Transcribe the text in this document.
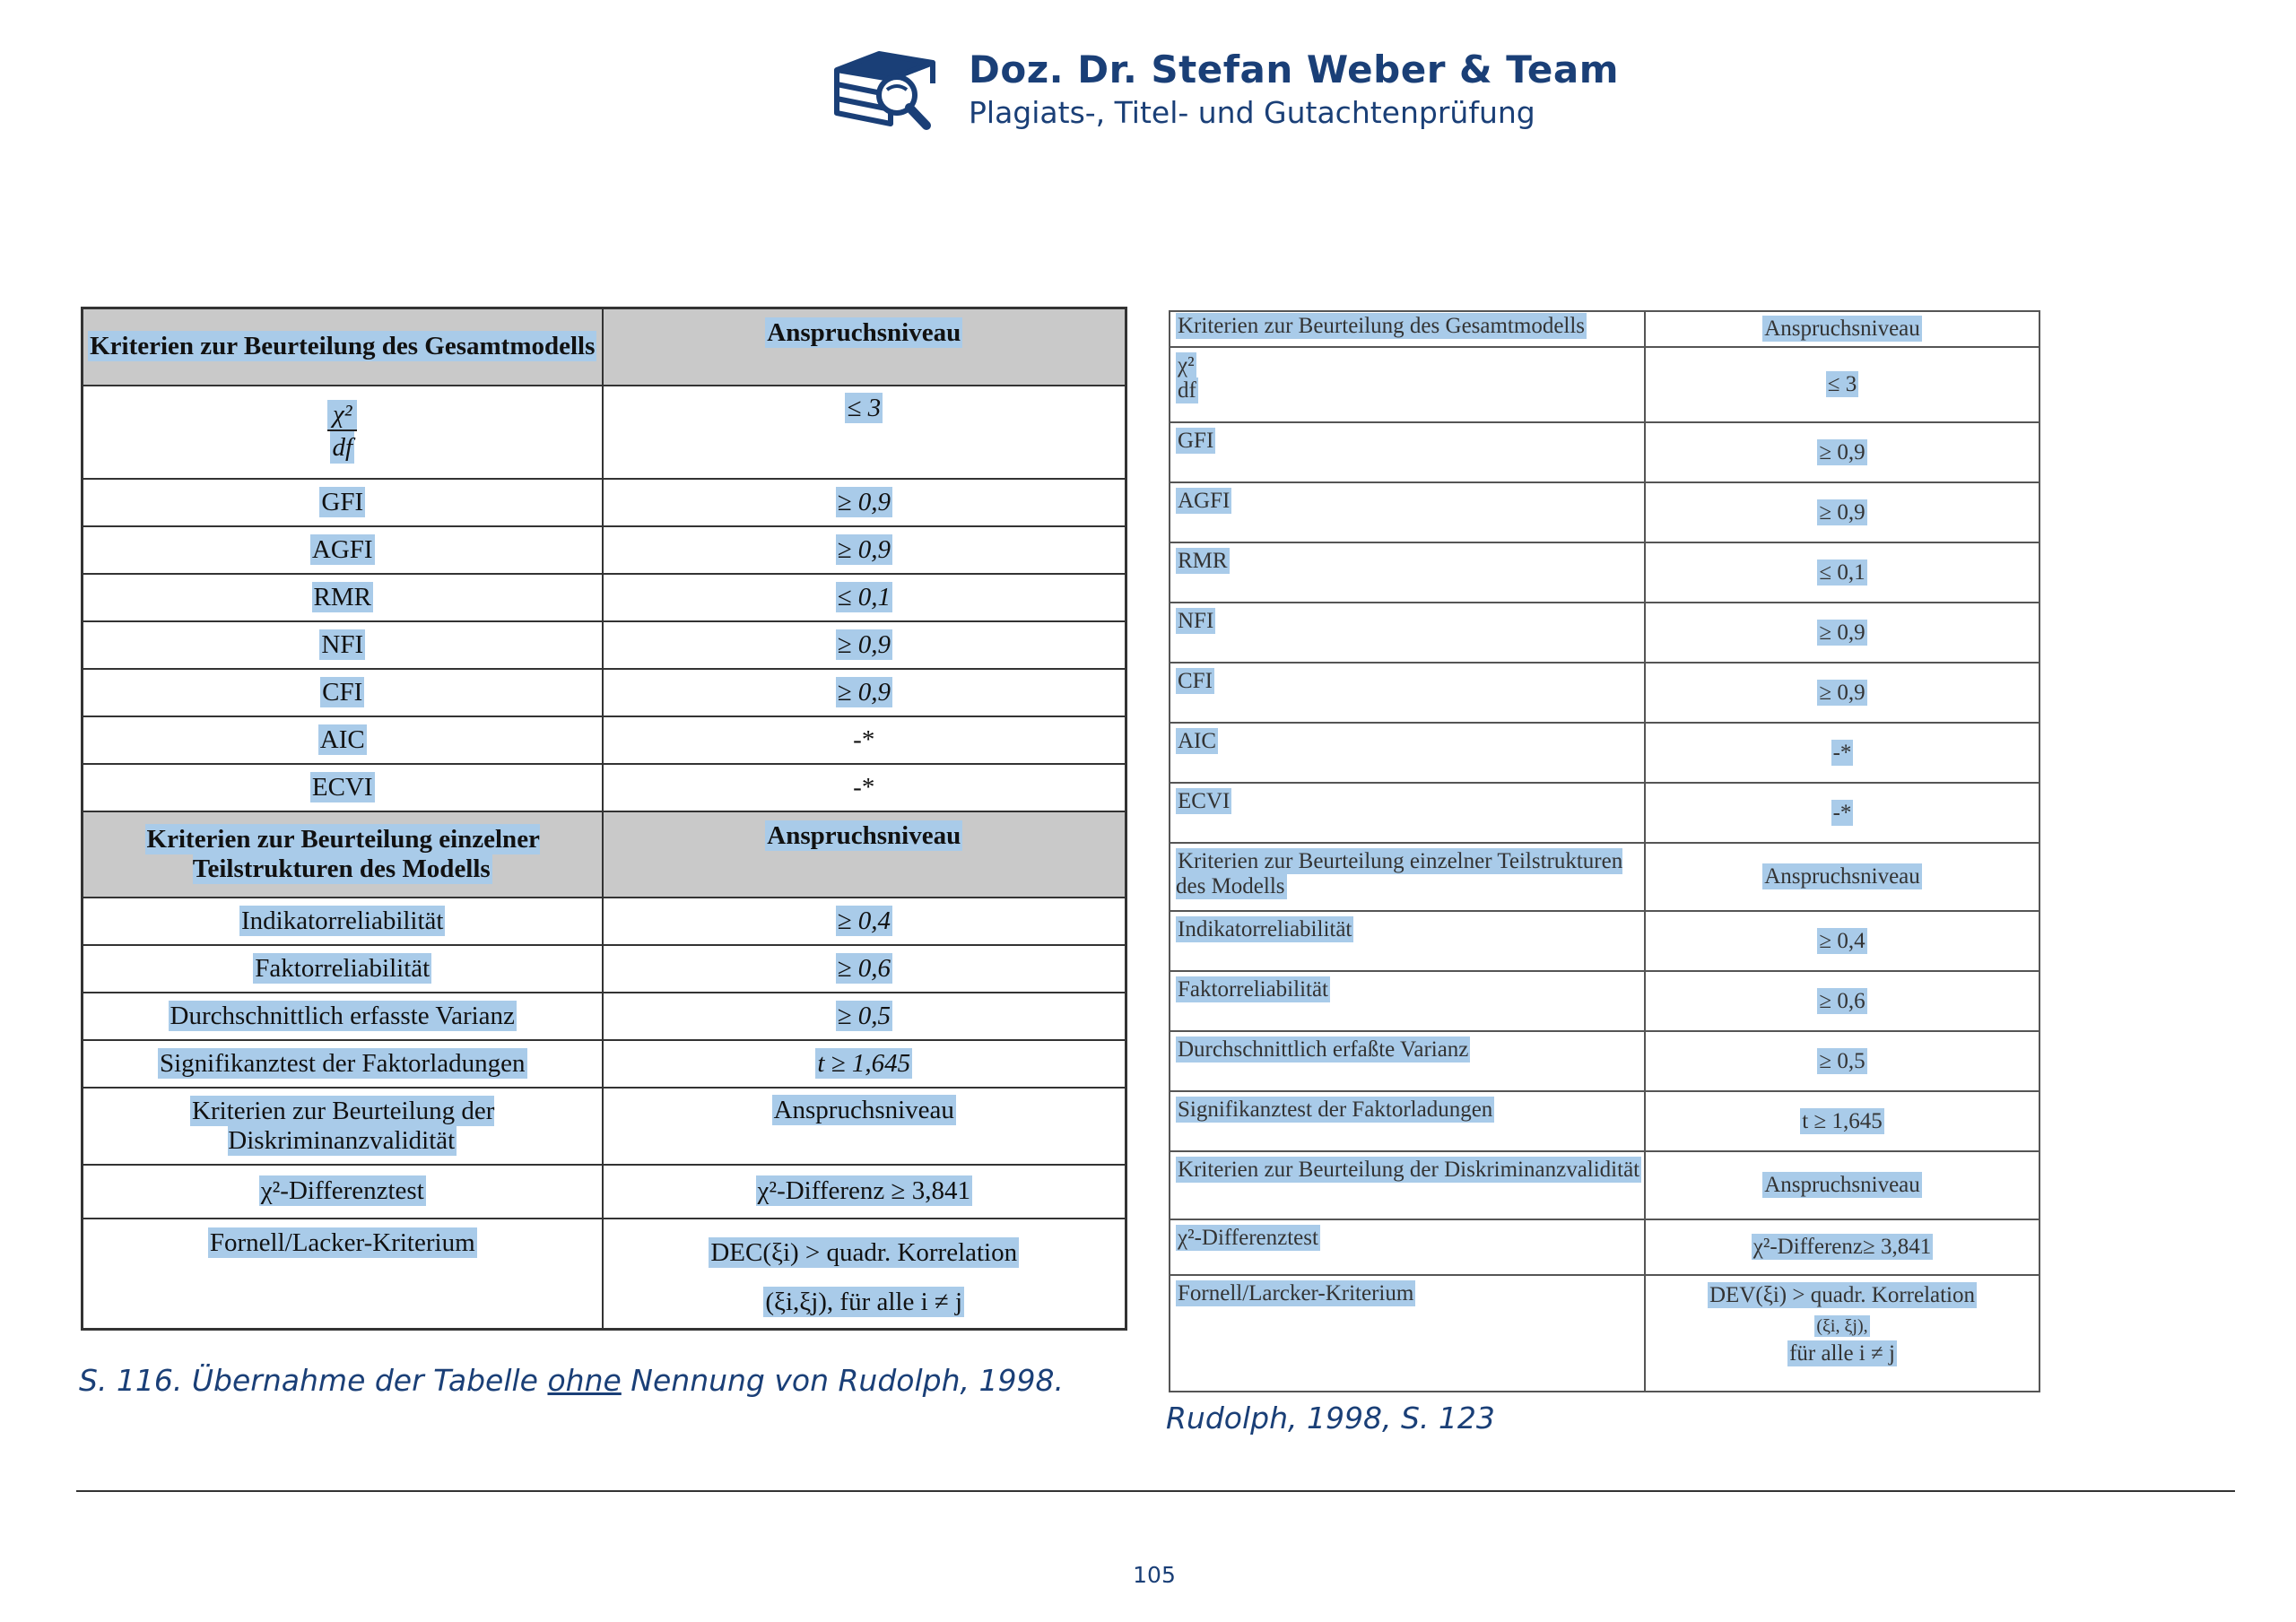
Doz. Dr. Stefan Weber & Team
Plagiats-, Titel- und Gutachtenprüfung
Kriterien zur Beurteilung des Gesamtmodells	Anspruchsniveau

$\frac{\text{χ²}}{df}$	≤ 3
GFI	≥ 0,9
AGFI	≥ 0,9
RMR	≤ 0,1
NFI	≥ 0,9
CFI	≥ 0,9
AIC	-*
ECVI	-*
Kriterien zur Beurteilung einzelner Teilstrukturen des Modells	Anspruchsniveau
Indikatorreliabilität	≥ 0,4
Faktorreliabilität	≥ 0,6
Durchschnittlich erfasste Varianz	≥ 0,5
Signifikanztest der Faktorladungen	t ≥ 1,645
Kriterien zur Beurteilung der Diskriminanzvalidität	Anspruchsniveau
χ²-Differenztest	χ²-Differenz ≥ 3,841
Fornell/Lacker-Kriterium	DEC(ξi) > quadr. Korrelation
(ξi,ξj), für alle i ≠ j
S. 116. Übernahme der Tabelle ohne Nennung von Rudolph, 1998.
Kriterien zur Beurteilung des Gesamtmodells	Anspruchsniveau
χ²
df	≤ 3
GFI	≥ 0,9
AGFI	≥ 0,9
RMR	≤ 0,1
NFI	≥ 0,9
CFI	≥ 0,9
AIC	-*
ECVI	-*
Kriterien zur Beurteilung einzelner Teilstrukturen des Modells	Anspruchsniveau
Indikatorreliabilität	≥ 0,4
Faktorreliabilität	≥ 0,6
Durchschnittlich erfaßte Varianz	≥ 0,5
Signifikanztest der Faktorladungen	t ≥ 1,645
Kriterien zur Beurteilung der Diskriminanzvalidität	Anspruchsniveau
χ²-Differenztest	χ²-Differenz≥ 3,841
Fornell/Larcker-Kriterium	DEV(ξi) > quadr. Korrelation
(ξi, ξj),
für alle i ≠ j
Rudolph, 1998, S. 123
105
